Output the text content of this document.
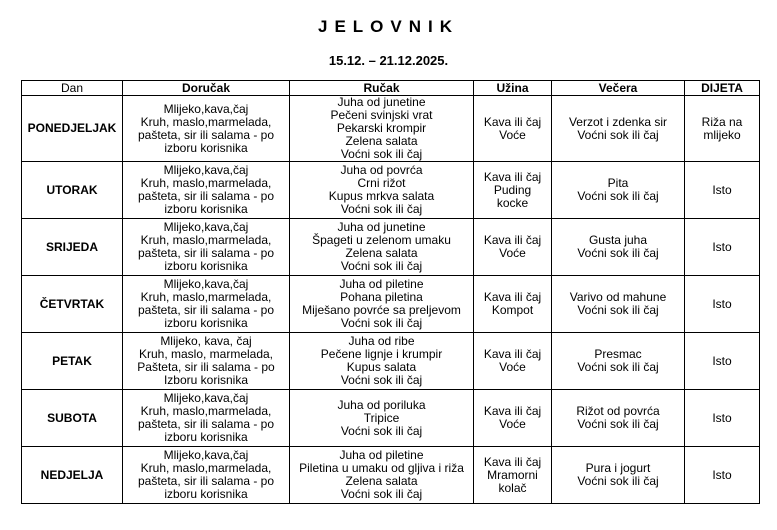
JELOVNIK
15.12. – 21.12.2025.
Dan	Doručak	Ručak	Užina	Večera	DIJETA
PONEDJELJAK	Mlijeko,kava,čaj
Kruh, maslo,marmelada,
pašteta, sir ili salama - po
izboru korisnika	Juha od junetine
Pečeni svinjski vrat
Pekarski krompir
Zelena salata
Voćni sok ili čaj	Kava ili čaj
Voće	Verzot i zdenka sir
Voćni sok ili čaj	Riža na
mlijeko

UTORAK	Mlijeko,kava,čaj
Kruh, maslo,marmelada,
pašteta, sir ili salama - po
izboru korisnika	Juha od povrća
Crni rižot
Kupus mrkva salata
Voćni sok ili čaj	Kava ili čaj
Puding
kocke	Pita
Voćni sok ili čaj	Isto

SRIJEDA	Mlijeko,kava,čaj
Kruh, maslo,marmelada,
pašteta, sir ili salama - po
izboru korisnika	Juha od junetine
Špageti u zelenom umaku
Zelena salata
Voćni sok ili čaj	Kava ili čaj
Voće	Gusta juha
Voćni sok ili čaj	Isto

ČETVRTAK	Mlijeko,kava,čaj
Kruh, maslo,marmelada,
pašteta, sir ili salama - po
izboru korisnika	Juha od piletine
Pohana piletina
Miješano povrće sa preljevom
Voćni sok ili čaj	Kava ili čaj
Kompot	Varivo od mahune
Voćni sok ili čaj	Isto

PETAK	Mlijeko, kava, čaj
Kruh, maslo, marmelada,
Pašteta, sir ili salama - po
Izboru korisnika	Juha od ribe
Pečene lignje i krumpir
Kupus salata
Voćni sok ili čaj	Kava ili čaj
Voće	Presmac
Voćni sok ili čaj	Isto

SUBOTA	Mlijeko,kava,čaj
Kruh, maslo,marmelada,
pašteta, sir ili salama - po
izboru korisnika	Juha od poriluka
Tripice
Voćni sok ili čaj	Kava ili čaj
Voće	Rižot od povrća
Voćni sok ili čaj	Isto

NEDJELJA	Mlijeko,kava,čaj
Kruh, maslo,marmelada,
pašteta, sir ili salama - po
izboru korisnika	Juha od piletine
Piletina u umaku od gljiva i riža
Zelena salata
Voćni sok ili čaj	Kava ili čaj
Mramorni
kolač	Pura i jogurt
Voćni sok ili čaj	Isto
